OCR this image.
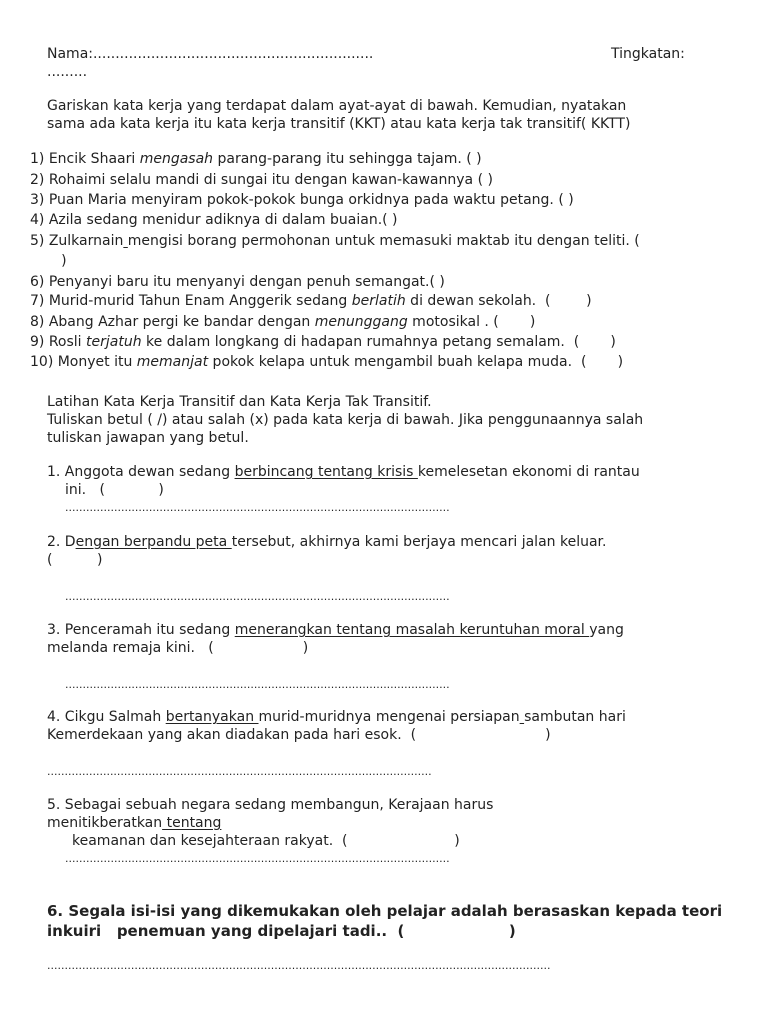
Nama:...............................................................	Tingkatan:
.........
Gariskan kata kerja yang terdapat dalam ayat-ayat di bawah. Kemudian, nyatakan
sama ada kata kerja itu kata kerja transitif (KKT) atau kata kerja tak transitif( KKTT)
1) Encik Shaari mengasah parang-parang itu sehingga tajam. ( )
2) Rohaimi selalu mandi di sungai itu dengan kawan-kawannya ( )
3) Puan Maria menyiram pokok-pokok bunga orkidnya pada waktu petang. ( )
4) Azila sedang menidur adiknya di dalam buaian.( )
5) Zulkarnain mengisi borang permohonan untuk memasuki maktab itu dengan teliti. (
)
6) Penyanyi baru itu menyanyi dengan penuh semangat.( )
7) Murid-murid Tahun Enam Anggerik sedang berlatih di dewan sekolah.  (        )
8) Abang Azhar pergi ke bandar dengan menunggang motosikal . (       )
9) Rosli terjatuh ke dalam longkang di hadapan rumahnya petang semalam.  (       )
10) Monyet itu memanjat pokok kelapa untuk mengambil buah kelapa muda.  (       )
Latihan Kata Kerja Transitif dan Kata Kerja Tak Transitif.
Tuliskan betul ( /) atau salah (x) pada kata kerja di bawah. Jika penggunaannya salah
tuliskan jawapan yang betul.
1. Anggota dewan sedang berbincang tentang krisis kemelesetan ekonomi di rantau
ini.   (            )
..............................................................................................................
2. Dengan berpandu peta tersebut, akhirnya kami berjaya mencari jalan keluar.
(          )
..............................................................................................................
3. Penceramah itu sedang menerangkan tentang masalah keruntuhan moral yang
melanda remaja kini.   (                    )
..............................................................................................................
4. Cikgu Salmah bertanyakan murid-muridnya mengenai persiapan sambutan hari
Kemerdekaan yang akan diadakan pada hari esok.  (                             )
..............................................................................................................
5. Sebagai sebuah negara sedang membangun, Kerajaan harus
menitikberatkan tentang
keamanan dan kesejahteraan rakyat.  (                        )
..............................................................................................................
6. Segala isi-isi yang dikemukakan oleh pelajar adalah berasaskan kepada teori
inkuiri   penemuan yang dipelajari tadi..  (                    )
................................................................................................................................................
